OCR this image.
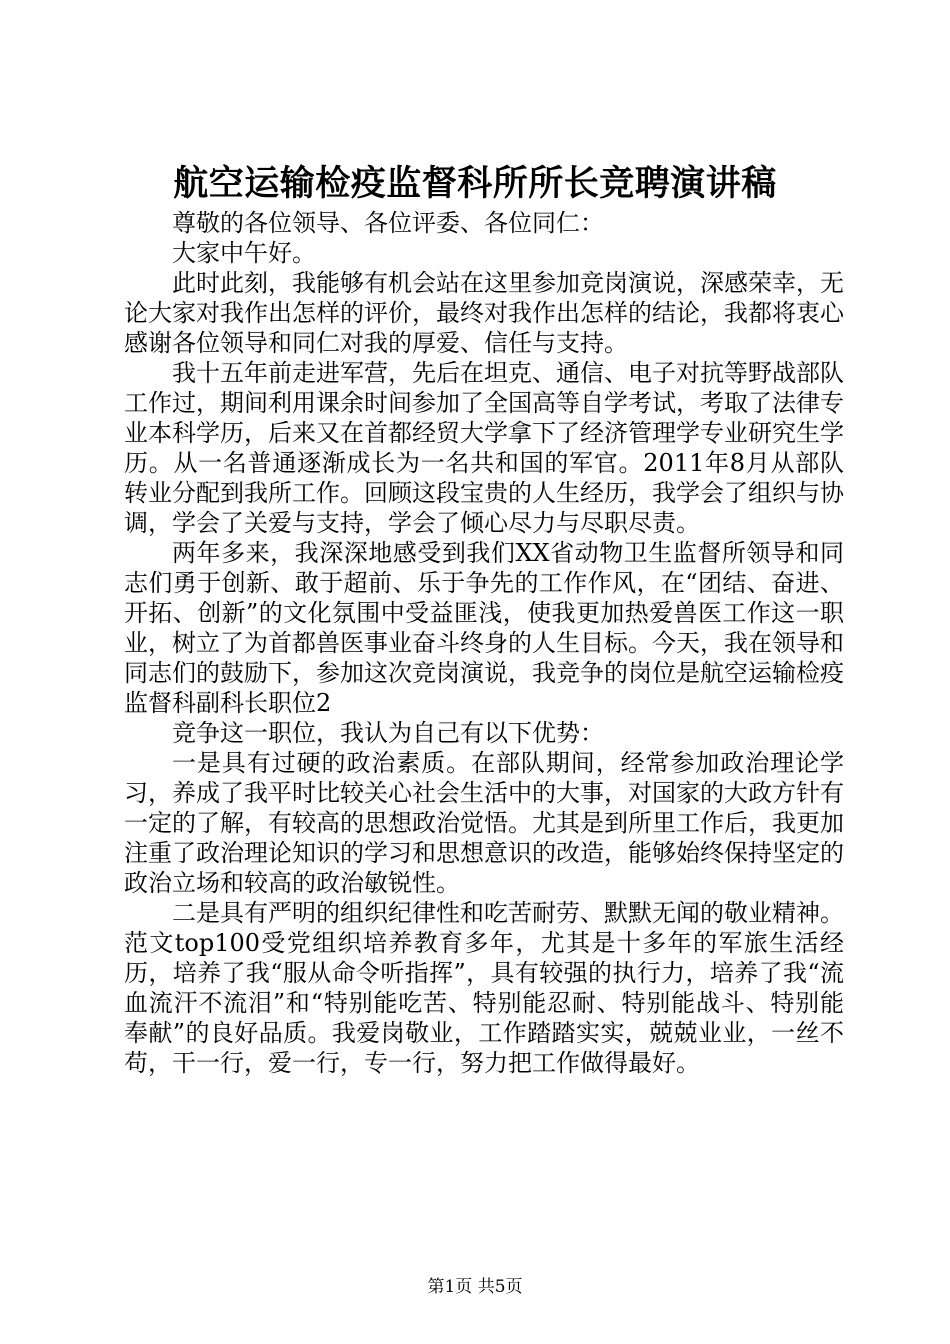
航空运输检疫监督科所所长竞聘演讲稿

尊敬的各位领导、各位评委、各位同仁：

大家中午好。

此时此刻，我能够有机会站在这里参加竞岗演说，深感荣幸，无论大家对我作出怎样的评价，最终对我作出怎样的结论，我都将衷心感谢各位领导和同仁对我的厚爱、信任与支持。

我十五年前走进军营，先后在坦克、通信、电子对抗等野战部队工作过，期间利用课余时间参加了全国高等自学考试，考取了法律专业本科学历，后来又在首都经贸大学拿下了经济管理学专业研究生学历。从一名普通逐渐成长为一名共和国的军官。2011年8月从部队转业分配到我所工作。回顾这段宝贵的人生经历，我学会了组织与协调，学会了关爱与支持，学会了倾心尽力与尽职尽责。

两年多来，我深深地感受到我们XX省动物卫生监督所领导和同志们勇于创新、敢于超前、乐于争先的工作作风，在“团结、奋进、开拓、创新”的文化氛围中受益匪浅，使我更加热爱兽医工作这一职业，树立了为首都兽医事业奋斗终身的人生目标。今天，我在领导和同志们的鼓励下，参加这次竞岗演说，我竞争的岗位是航空运输检疫监督科副科长职位2

竞争这一职位，我认为自己有以下优势：

一是具有过硬的政治素质。在部队期间，经常参加政治理论学习，养成了我平时比较关心社会生活中的大事，对国家的大政方针有一定的了解，有较高的思想政治觉悟。尤其是到所里工作后，我更加注重了政治理论知识的学习和思想意识的改造，能够始终保持坚定的政治立场和较高的政治敏锐性。

二是具有严明的组织纪律性和吃苦耐劳、默默无闻的敬业精神。范文top100受党组织培养教育多年，尤其是十多年的军旅生活经历，培养了我“服从命令听指挥”，具有较强的执行力，培养了我“流血流汗不流泪”和“特别能吃苦、特别能忍耐、特别能战斗、特别能奉献”的良好品质。我爱岗敬业，工作踏踏实实，兢兢业业，一丝不苟，干一行，爱一行，专一行，努力把工作做得最好。

第1页 共5页
